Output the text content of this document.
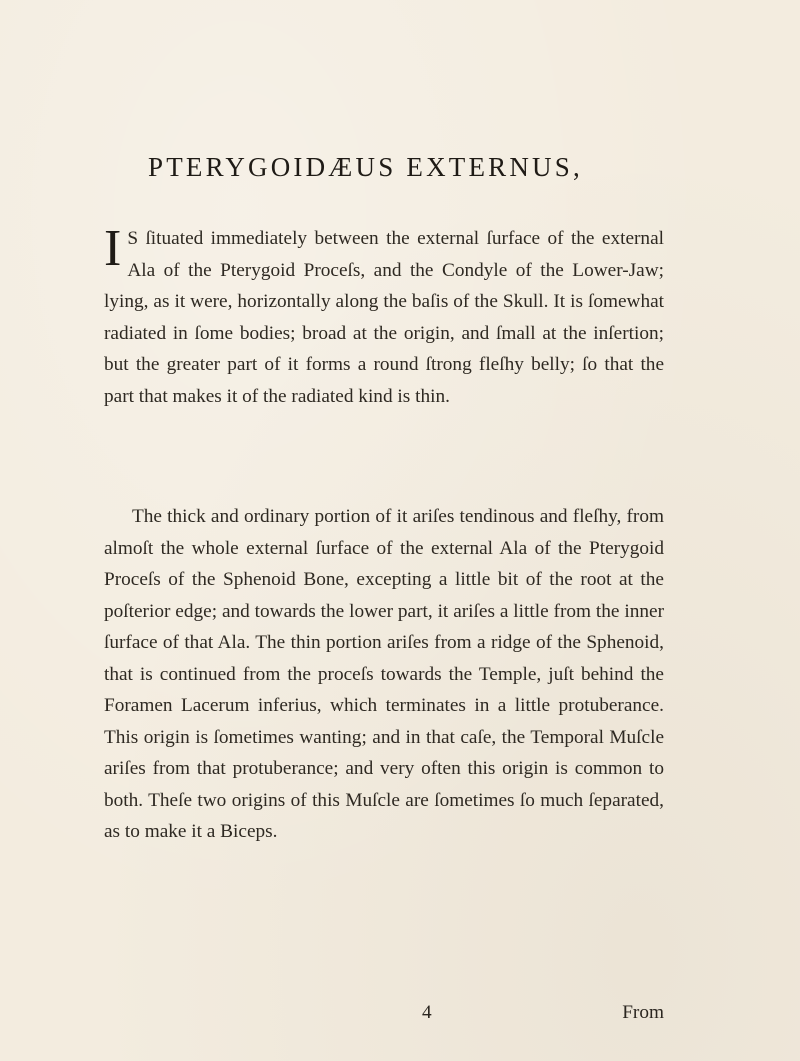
PTERYGOIDÆUS EXTERNUS,
I S ſituated immediately between the external ſurface of the external Ala of the Pterygoid Proceſs, and the Condyle of the Lower-Jaw; lying, as it were, horizontally along the baſis of the Skull. It is ſomewhat radiated in ſome bodies; broad at the origin, and ſmall at the inſertion; but the greater part of it forms a round ſtrong fleſhy belly; ſo that the part that makes it of the radiated kind is thin.
The thick and ordinary portion of it ariſes tendinous and fleſhy, from almoſt the whole external ſurface of the external Ala of the Pterygoid Proceſs of the Sphenoid Bone, excepting a little bit of the root at the poſterior edge; and towards the lower part, it ariſes a little from the inner ſurface of that Ala. The thin portion ariſes from a ridge of the Sphenoid, that is continued from the proceſs towards the Temple, juſt behind the Foramen Lacerum inferius, which terminates in a little protuberance. This origin is ſometimes wanting; and in that caſe, the Temporal Muſcle ariſes from that protuberance; and very often this origin is common to both. Theſe two origins of this Muſcle are ſometimes ſo much ſeparated, as to make it a Biceps.
4	From
